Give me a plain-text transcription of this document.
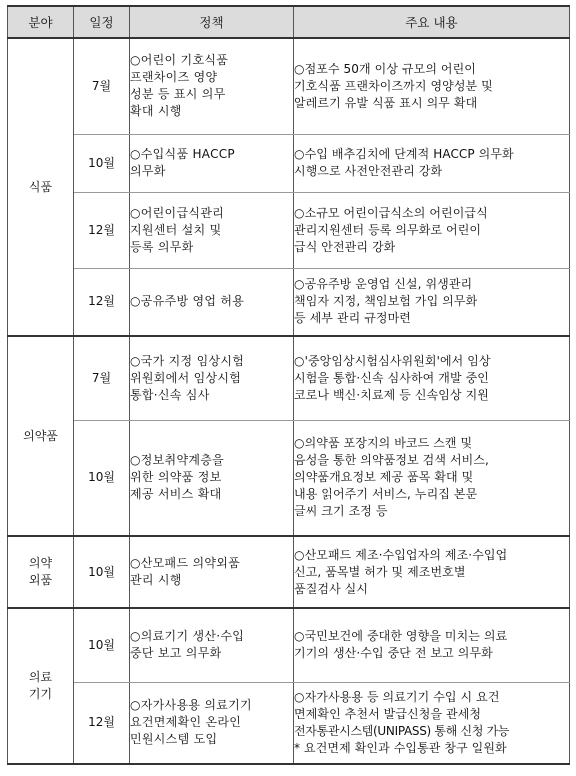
분야	일정	정책	주요 내용
식품	7월	○어린이 기호식품
프랜차이즈 영양
성분 등 표시 의무
확대 시행	○점포수 50개 이상 규모의 어린이
기호식품 프랜차이즈까지 영양성분 및
알레르기 유발 식품 표시 의무 확대

	10월	○수입식품 HACCP
의무화	○수입 배추김치에 단계적 HACCP 의무화
시행으로 사전안전관리 강화

	12월	○어린이급식관리
지원센터 설치 및
등록 의무화	○소규모 어린이급식소의 어린이급식
관리지원센터 등록 의무화로 어린이
급식 안전관리 강화

	12월	○공유주방 영업 허용	○공유주방 운영업 신설, 위생관리
책임자 지정, 책임보험 가입 의무화
등 세부 관리 규정마련

의약품	7월	○국가 지정 임상시험
위원회에서 임상시험
통합·신속 심사	○'중앙임상시험심사위원회'에서 임상
시험을 통합·신속 심사하여 개발 중인
코로나 백신·치료제 등 신속임상 지원

	10월	○정보취약계층을
위한 의약품 정보
제공 서비스 확대	○의약품 포장지의 바코드 스캔 및
음성을 통한 의약품정보 검색 서비스,
의약품개요정보 제공 품목 확대 및
내용 읽어주기 서비스, 누리집 본문
글씨 크기 조정 등

의약
외품	10월	○산모패드 의약외품
관리 시행	○산모패드 제조·수입업자의 제조·수입업
신고, 품목별 허가 및 제조번호별
품질검사 실시

의료
기기	10월	○의료기기 생산·수입
중단 보고 의무화	○국민보건에 중대한 영향을 미치는 의료
기기의 생산·수입 중단 전 보고 의무화

	12월	○자가사용용 의료기기
요건면제확인 온라인
민원시스템 도입	○자가사용용 등 의료기기 수입 시 요건
면제확인 추천서 발급신청을 관세청
전자통관시스템(UNIPASS) 통해 신청 가능
* 요건면제 확인과 수입통관 창구 일원화
